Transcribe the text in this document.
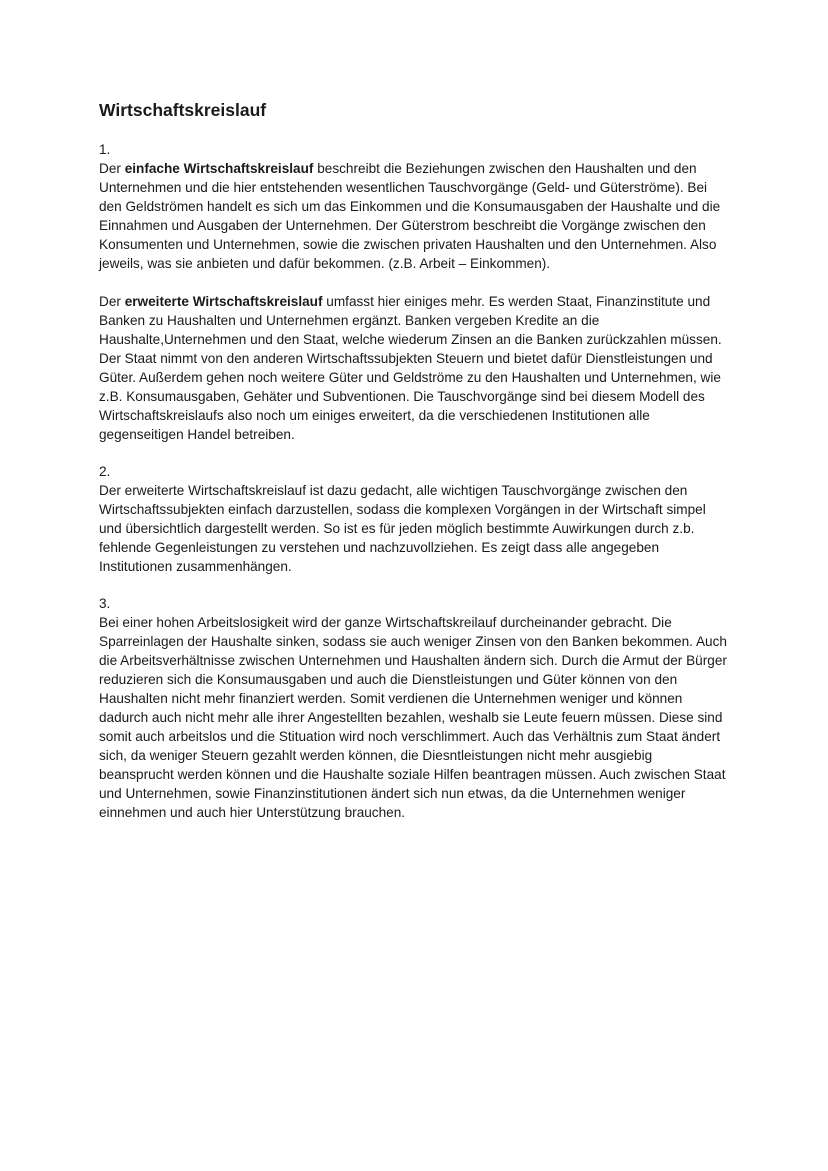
Wirtschaftskreislauf
1.

Der einfache Wirtschaftskreislauf beschreibt die Beziehungen zwischen den Haushalten und den Unternehmen und die hier entstehenden wesentlichen Tauschvorgänge (Geld- und Güterströme). Bei den Geldströmen handelt es sich um das Einkommen und die Konsumausgaben der Haushalte und die Einnahmen und Ausgaben der Unternehmen. Der Güterstrom beschreibt die Vorgänge zwischen den Konsumenten und Unternehmen, sowie die zwischen privaten Haushalten und den Unternehmen. Also jeweils, was sie anbieten und dafür bekommen. (z.B. Arbeit – Einkommen).

Der erweiterte Wirtschaftskreislauf umfasst hier einiges mehr. Es werden Staat, Finanzinstitute und Banken zu Haushalten und Unternehmen ergänzt. Banken vergeben Kredite an die Haushalte,Unternehmen und den Staat, welche wiederum Zinsen an die Banken zurückzahlen müssen. Der Staat nimmt von den anderen Wirtschaftssubjekten Steuern und bietet dafür Dienstleistungen und Güter. Außerdem gehen noch weitere Güter und Geldströme zu den Haushalten und Unternehmen, wie z.B. Konsumausgaben, Gehäter und Subventionen. Die Tauschvorgänge sind bei diesem Modell des Wirtschaftskreislaufs also noch um einiges erweitert, da die verschiedenen Institutionen alle gegenseitigen Handel betreiben.

2.

Der erweiterte Wirtschaftskreislauf ist dazu gedacht, alle wichtigen Tauschvorgänge zwischen den Wirtschaftssubjekten einfach darzustellen, sodass die komplexen Vorgängen in der Wirtschaft simpel und übersichtlich dargestellt werden. So ist es für jeden möglich bestimmte Auwirkungen durch z.b. fehlende Gegenleistungen zu verstehen und nachzuvollziehen. Es zeigt dass alle angegeben Institutionen zusammenhängen.

3.

Bei einer hohen Arbeitslosigkeit wird der ganze Wirtschaftskreilauf durcheinander gebracht. Die Sparreinlagen der Haushalte sinken, sodass sie auch weniger Zinsen von den Banken bekommen. Auch die Arbeitsverhältnisse zwischen Unternehmen und Haushalten ändern sich. Durch die Armut der Bürger reduzieren sich die Konsumausgaben und auch die Dienstleistungen und Güter können von den Haushalten nicht mehr finanziert werden. Somit verdienen die Unternehmen weniger und können dadurch auch nicht mehr alle ihrer Angestellten bezahlen, weshalb sie Leute feuern müssen. Diese sind somit auch arbeitslos und die Stituation wird noch verschlimmert. Auch das Verhältnis zum Staat ändert sich, da weniger Steuern gezahlt werden können, die Diesntleistungen nicht mehr ausgiebig beansprucht werden können und die Haushalte soziale Hilfen beantragen müssen. Auch zwischen Staat und Unternehmen, sowie Finanzinstitutionen ändert sich nun etwas, da die Unternehmen weniger einnehmen und auch hier Unterstützung brauchen.
